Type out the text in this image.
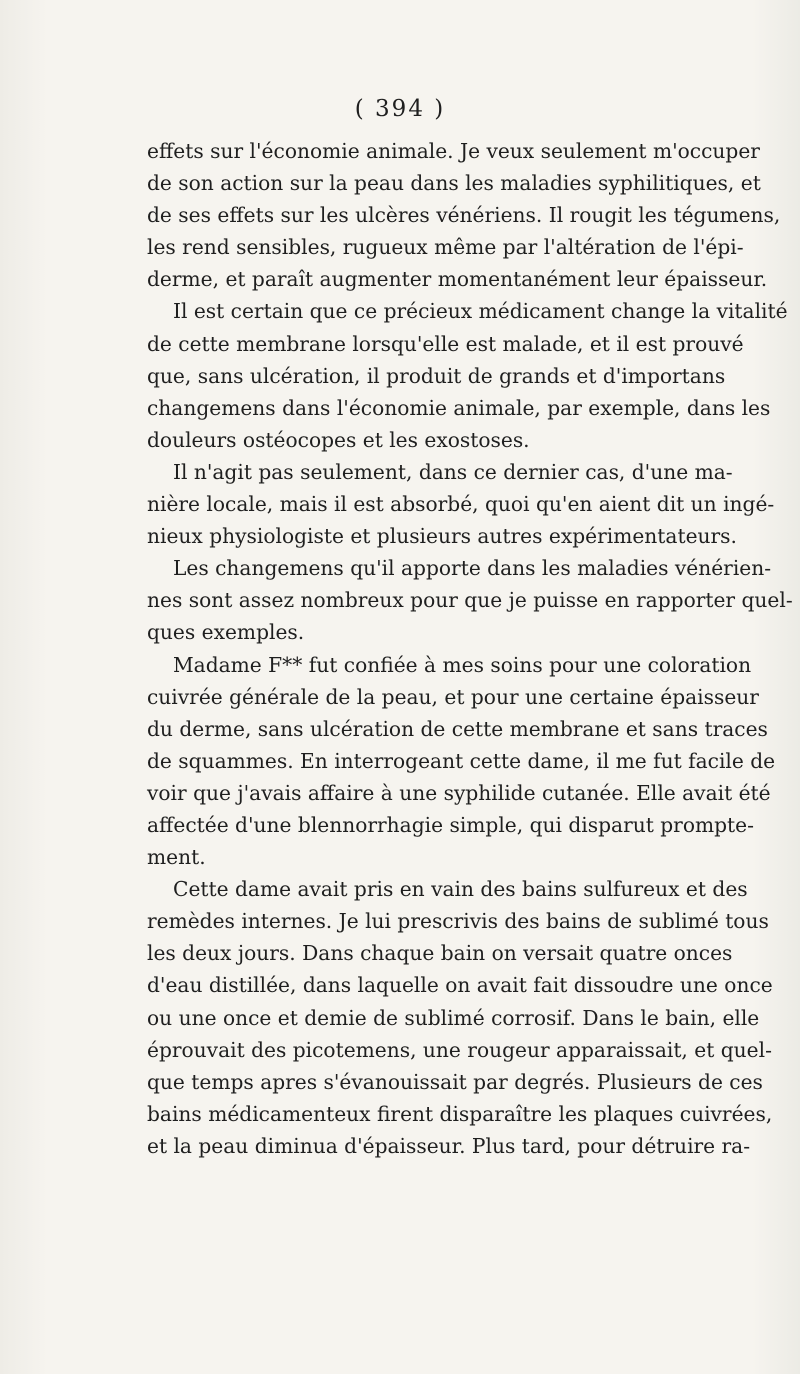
( 394 )
effets sur l'économie animale. Je veux seulement m'occuper
de son action sur la peau dans les maladies syphilitiques, et
de ses effets sur les ulcères vénériens. Il rougit les tégumens,
les rend sensibles, rugueux même par l'altération de l'épi-
derme, et paraît augmenter momentanément leur épaisseur.
Il est certain que ce précieux médicament change la vitalité
de cette membrane lorsqu'elle est malade, et il est prouvé
que, sans ulcération, il produit de grands et d'importans
changemens dans l'économie animale, par exemple, dans les
douleurs ostéocopes et les exostoses.
Il n'agit pas seulement, dans ce dernier cas, d'une ma-
nière locale, mais il est absorbé, quoi qu'en aient dit un ingé-
nieux physiologiste et plusieurs autres expérimentateurs.
Les changemens qu'il apporte dans les maladies vénérien-
nes sont assez nombreux pour que je puisse en rapporter quel-
ques exemples.
Madame F** fut confiée à mes soins pour une coloration
cuivrée générale de la peau, et pour une certaine épaisseur
du derme, sans ulcération de cette membrane et sans traces
de squammes. En interrogeant cette dame, il me fut facile de
voir que j'avais affaire à une syphilide cutanée. Elle avait été
affectée d'une blennorrhagie simple, qui disparut prompte-
ment.
Cette dame avait pris en vain des bains sulfureux et des
remèdes internes. Je lui prescrivis des bains de sublimé tous
les deux jours. Dans chaque bain on versait quatre onces
d'eau distillée, dans laquelle on avait fait dissoudre une once
ou une once et demie de sublimé corrosif. Dans le bain, elle
éprouvait des picotemens, une rougeur apparaissait, et quel-
que temps apres s'évanouissait par degrés. Plusieurs de ces
bains médicamenteux firent disparaître les plaques cuivrées,
et la peau diminua d'épaisseur. Plus tard, pour détruire ra-
